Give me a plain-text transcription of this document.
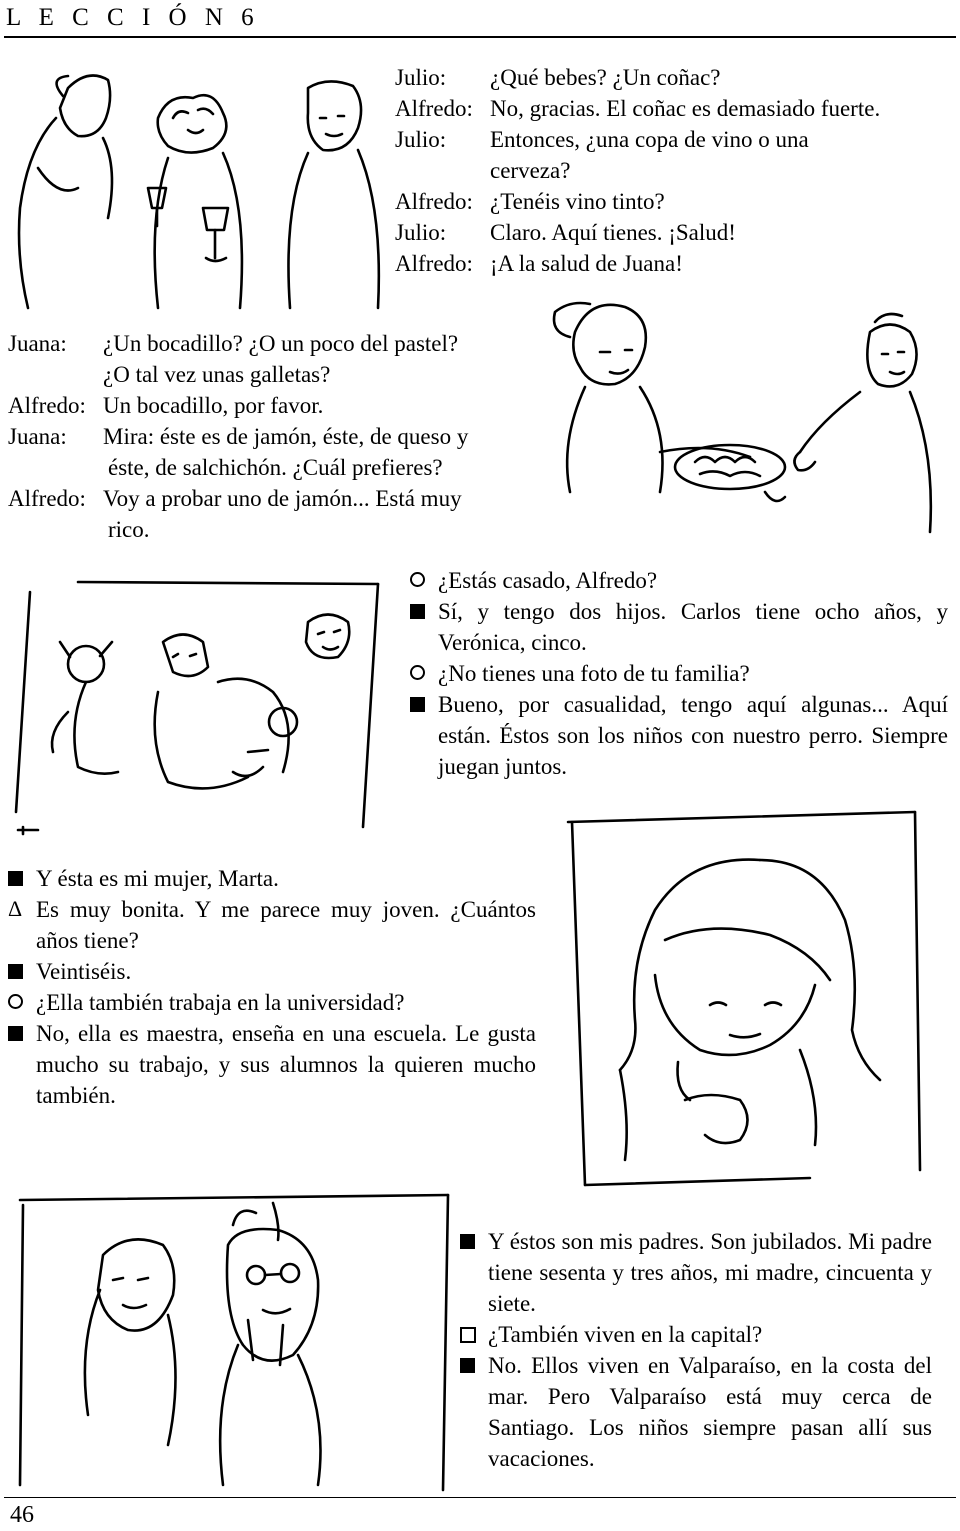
L E C C I Ó N 6
Julio: ¿Qué bebes? ¿Un coñac?
Alfredo: No, gracias. El coñac es demasiado fuerte.
Julio: Entonces, ¿una copa de vino o una
cerveza?
Alfredo: ¿Tenéis vino tinto?
Julio: Claro. Aquí tienes. ¡Salud!
Alfredo: ¡A la salud de Juana!
Juana: ¿Un bocadillo? ¿O un poco del pastel?
¿O tal vez unas galletas?
Alfredo: Un bocadillo, por favor.
Juana: Mira: éste es de jamón, éste, de queso y
éste, de salchichón. ¿Cuál prefieres?
Alfredo: Voy a probar uno de jamón... Está muy
rico.
¿Estás casado, Alfredo?
Sí, y tengo dos hijos. Carlos tiene ocho años, y Verónica, cinco.
¿No tienes una foto de tu familia?
Bueno, por casualidad, tengo aquí algunas... Aquí están. Éstos son los niños con nuestro perro. Siempre juegan juntos.
Y ésta es mi mujer, Marta.
Δ Es muy bonita. Y me parece muy joven. ¿Cuántos años tiene?
Veintiséis.
¿Ella también trabaja en la universidad?
No, ella es maestra, enseña en una escuela. Le gusta mucho su trabajo, y sus alumnos la quieren mucho también.
Y éstos son mis padres. Son jubilados. Mi padre tiene sesenta y tres años, mi madre, cincuenta y siete.
¿También viven en la capital?
No. Ellos viven en Valparaíso, en la costa del mar. Pero Valparaíso está muy cerca de Santiago. Los niños siempre pasan allí sus vacaciones.
46
